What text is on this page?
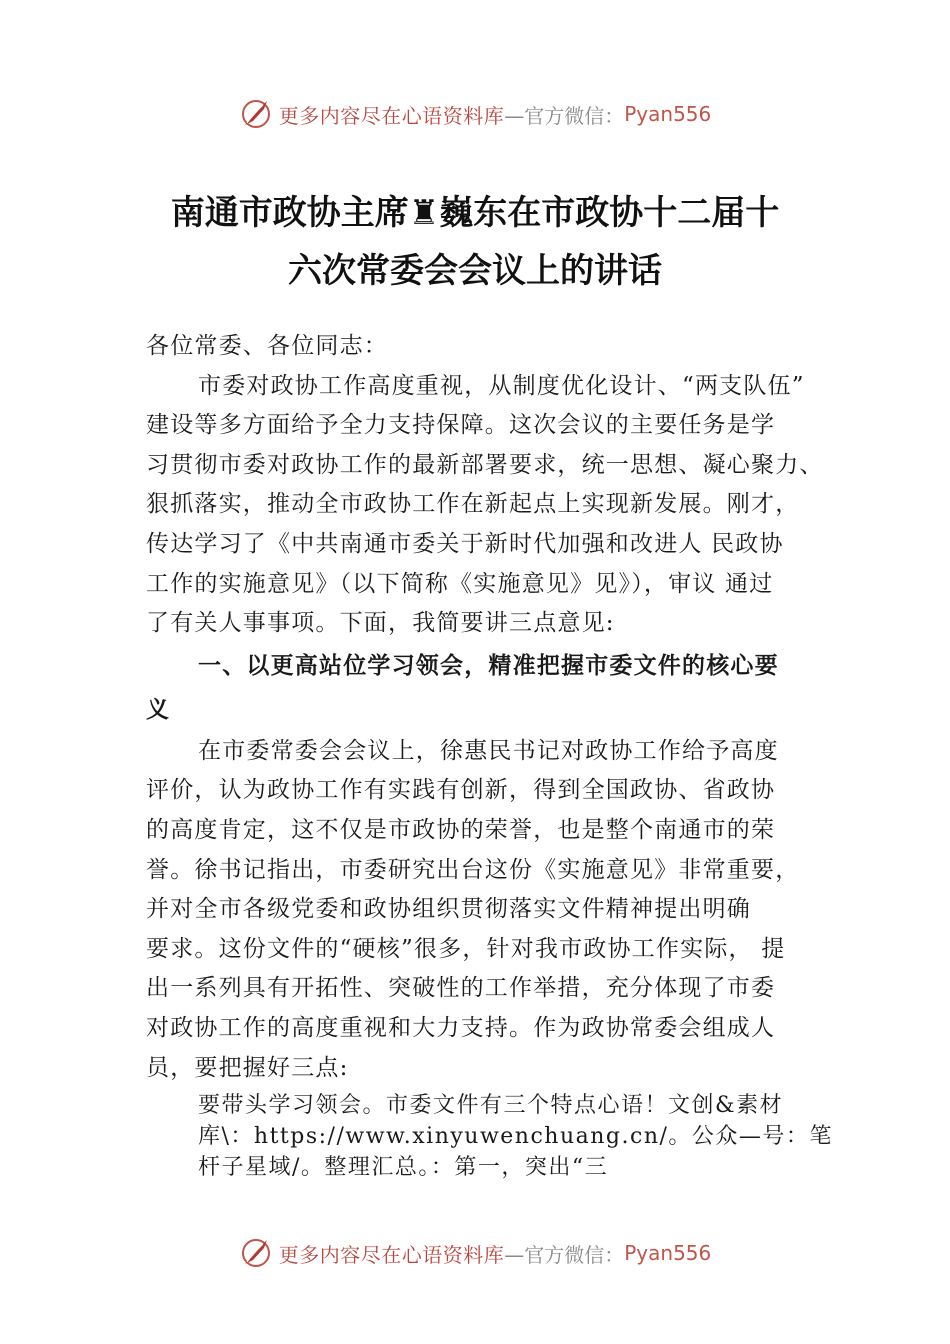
更多内容尽在心语资料库 —官方微信： Pyan556
南通市政协主席♜巍东在市政协十二届十
六次常委会会议上的讲话
各位常委、各位同志：
市委对政协工作高度重视，从制度优化设计、“两支队伍”
建设等多方面给予全力支持保障。这次会议的主要任务是学
习贯彻市委对政协工作的最新部署要求，统一思想、凝心聚力、
狠抓落实，推动全市政协工作在新起点上实现新发展。刚才，
传达学习了《中共南通市委关于新时代加强和改进人 民政协
工作的实施意见》（以下简称《实施意见》见》），审议 通过
了有关人事事项。下面，我简要讲三点意见:
一、以更高站位学习领会，精准把握市委文件的核心要
义
在市委常委会会议上，徐惠民书记对政协工作给予高度
评价，认为政协工作有实践有创新，得到全国政协、省政协
的高度肯定，这不仅是市政协的荣誉，也是整个南通市的荣
誉。徐书记指出，市委研究出台这份《实施意见》非常重要，
并对全市各级党委和政协组织贯彻落实文件精神提出明确
要求。这份文件的“硬核”很多，针对我市政协工作实际， 提
出一系列具有开拓性、突破性的工作举措，充分体现了市委
对政协工作的高度重视和大力支持。作为政协常委会组成人
员，要把握好三点:
要带头学习领会。市委文件有三个特点心语！文创&素材
库\：https://www.xinyuwenchuang.cn/。公众—号：笔
杆子星域/。整理汇总。：第一，突出“三
更多内容尽在心语资料库 —官方微信： Pyan556
